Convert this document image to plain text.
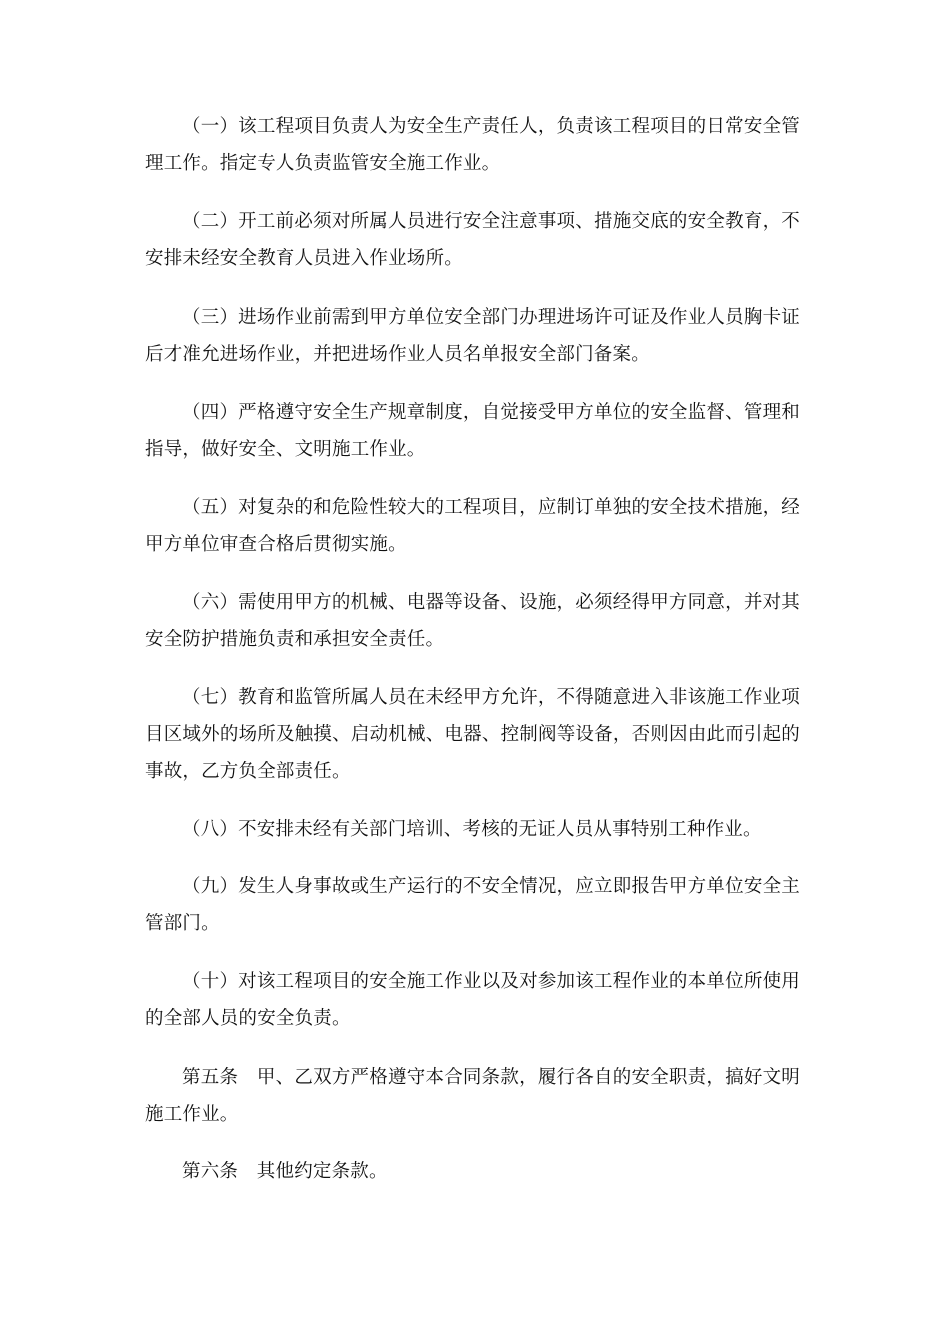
（一）该工程项目负责人为安全生产责任人，负责该工程项目的日常安全管理工作。指定专人负责监管安全施工作业。

（二）开工前必须对所属人员进行安全注意事项、措施交底的安全教育，不安排未经安全教育人员进入作业场所。

（三）进场作业前需到甲方单位安全部门办理进场许可证及作业人员胸卡证后才准允进场作业，并把进场作业人员名单报安全部门备案。

（四）严格遵守安全生产规章制度，自觉接受甲方单位的安全监督、管理和指导，做好安全、文明施工作业。

（五）对复杂的和危险性较大的工程项目，应制订单独的安全技术措施，经甲方单位审查合格后贯彻实施。

（六）需使用甲方的机械、电器等设备、设施，必须经得甲方同意，并对其安全防护措施负责和承担安全责任。

（七）教育和监管所属人员在未经甲方允许，不得随意进入非该施工作业项目区域外的场所及触摸、启动机械、电器、控制阀等设备，否则因由此而引起的事故，乙方负全部责任。

（八）不安排未经有关部门培训、考核的无证人员从事特别工种作业。

（九）发生人身事故或生产运行的不安全情况，应立即报告甲方单位安全主管部门。

（十）对该工程项目的安全施工作业以及对参加该工程作业的本单位所使用的全部人员的安全负责。

第五条　甲、乙双方严格遵守本合同条款，履行各自的安全职责，搞好文明施工作业。

第六条　其他约定条款。
